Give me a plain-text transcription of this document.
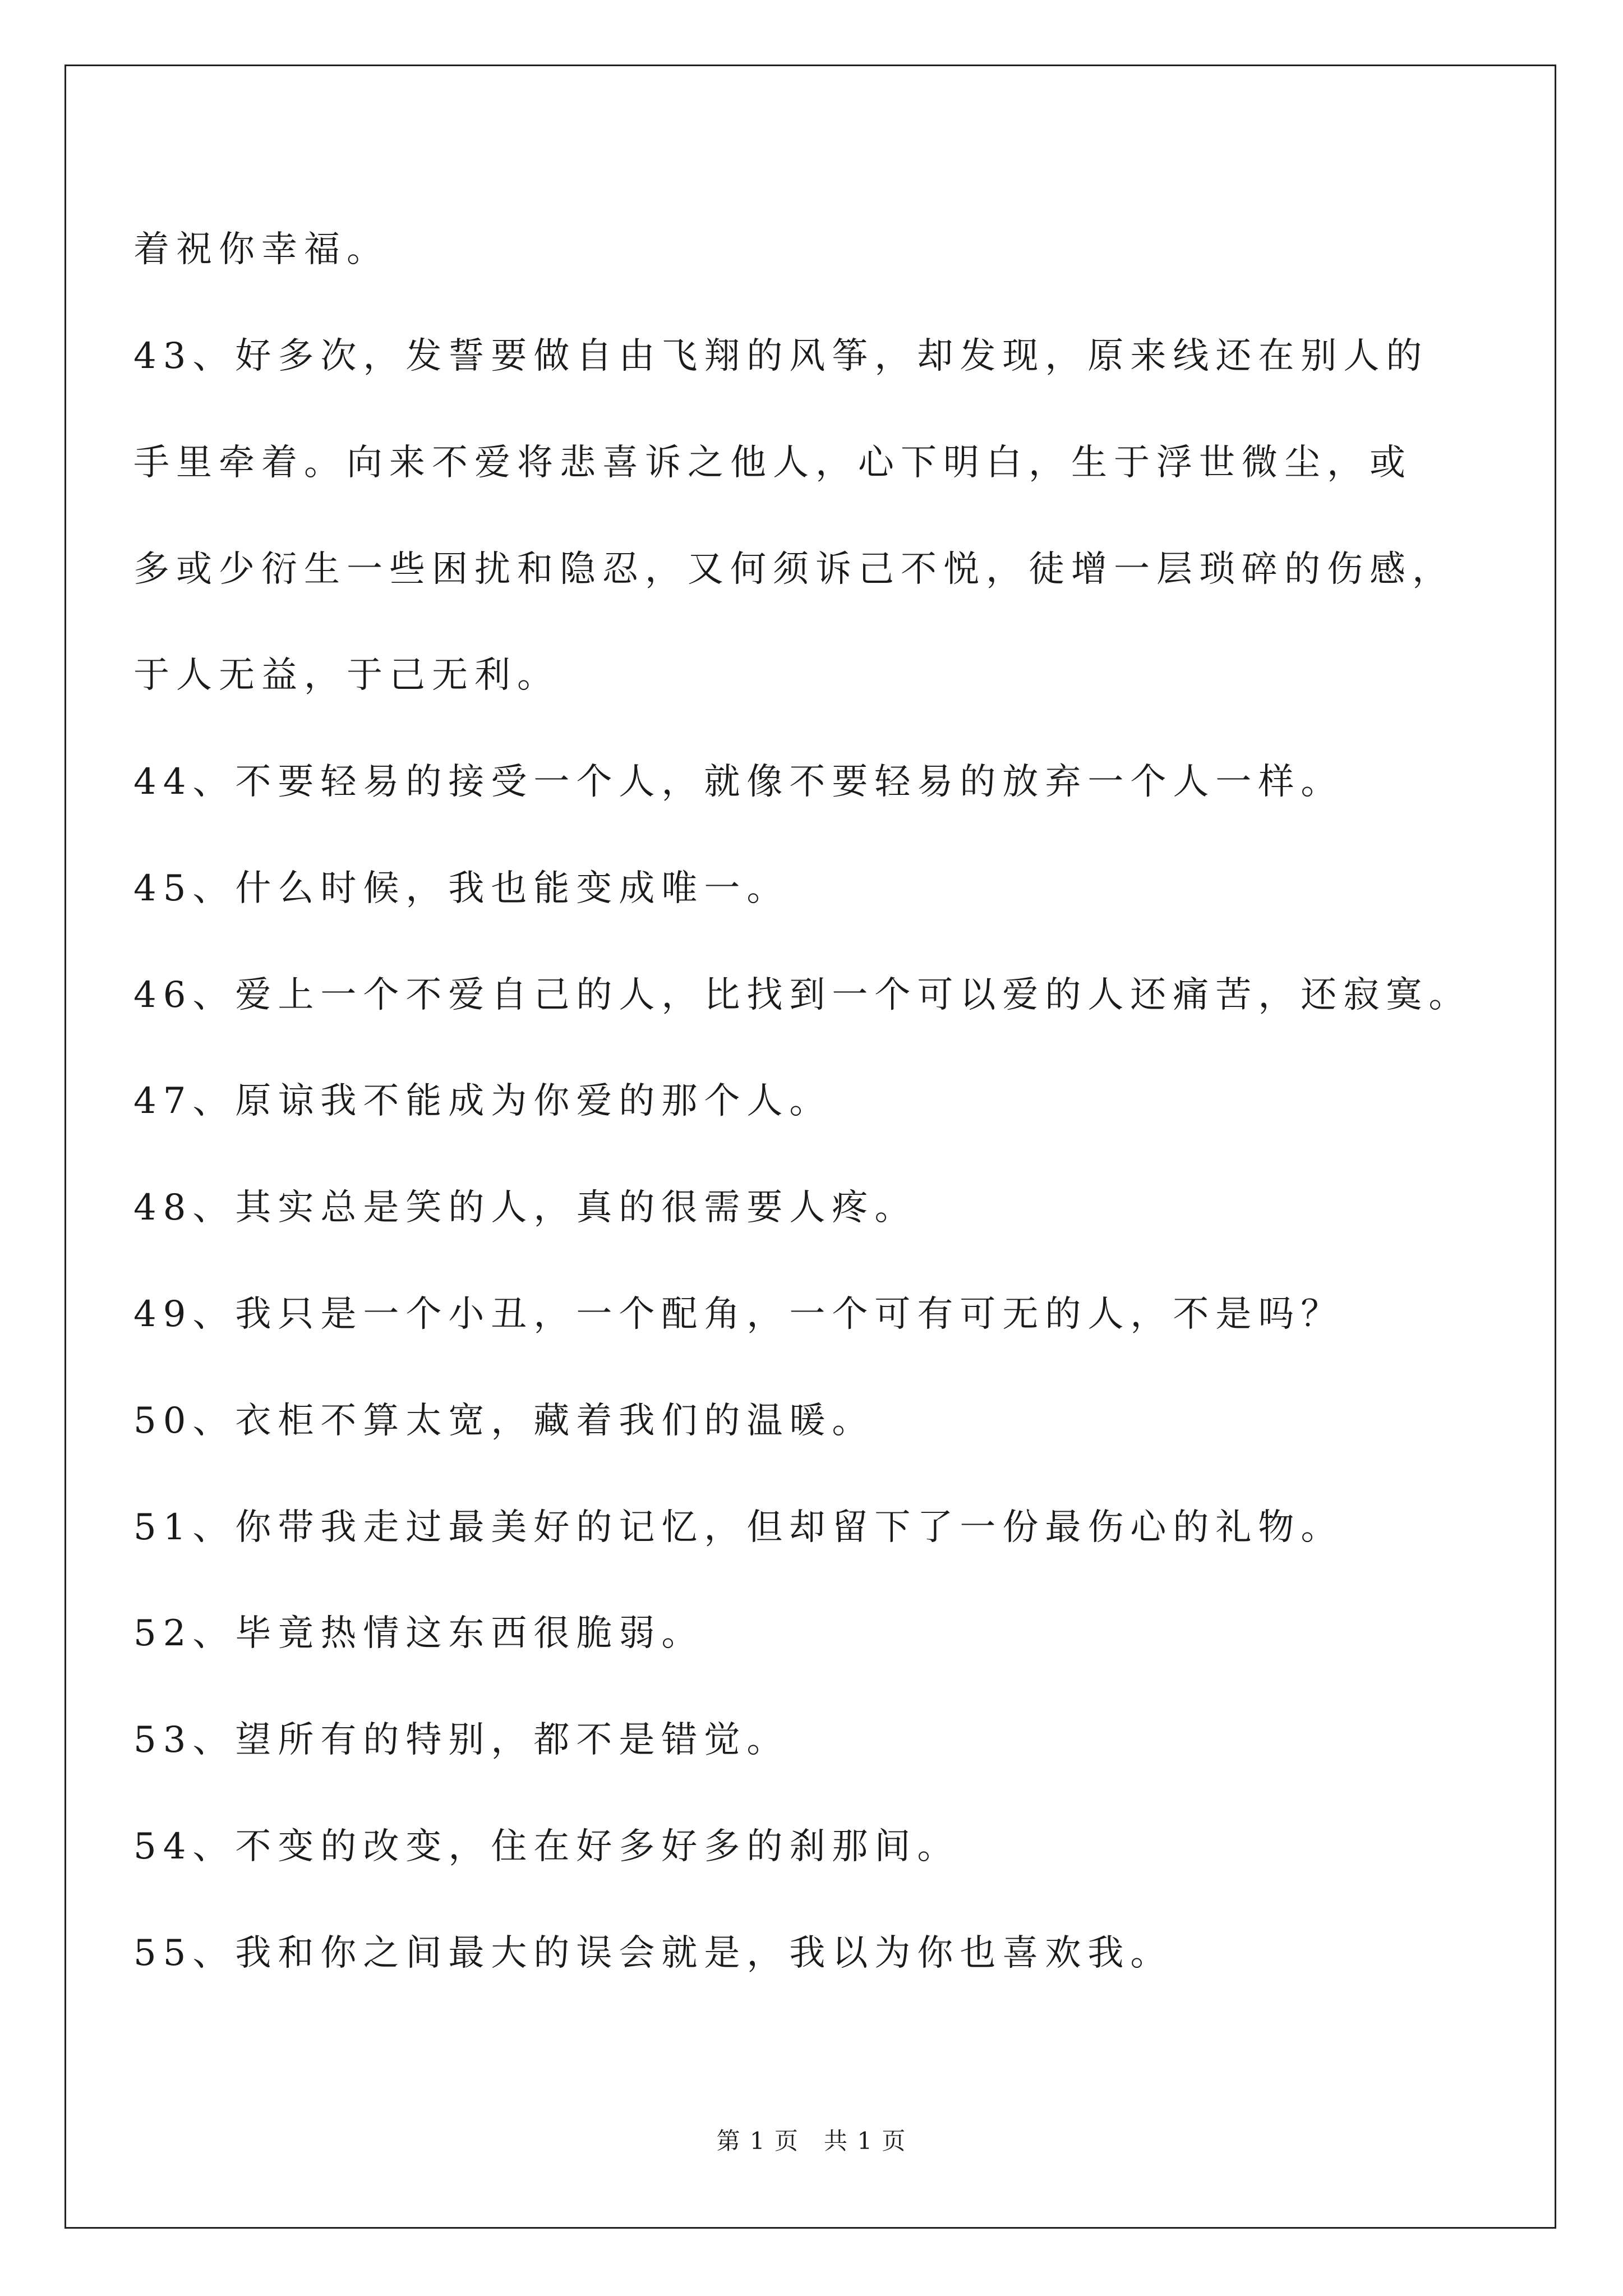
着祝你幸福。

43、好多次，发誓要做自由飞翔的风筝，却发现，原来线还在别人的

手里牵着。向来不爱将悲喜诉之他人，心下明白，生于浮世微尘，或

多或少衍生一些困扰和隐忍，又何须诉己不悦，徒增一层琐碎的伤感，

于人无益，于己无利。

44、不要轻易的接受一个人，就像不要轻易的放弃一个人一样。

45、什么时候，我也能变成唯一。

46、爱上一个不爱自己的人，比找到一个可以爱的人还痛苦，还寂寞。

47、原谅我不能成为你爱的那个人。

48、其实总是笑的人，真的很需要人疼。

49、我只是一个小丑，一个配角，一个可有可无的人，不是吗？

50、衣柜不算太宽，藏着我们的温暖。

51、你带我走过最美好的记忆，但却留下了一份最伤心的礼物。

52、毕竟热情这东西很脆弱。

53、望所有的特别，都不是错觉。

54、不变的改变，住在好多好多的刹那间。

55、我和你之间最大的误会就是，我以为你也喜欢我。

第 1 页　共 1 页
